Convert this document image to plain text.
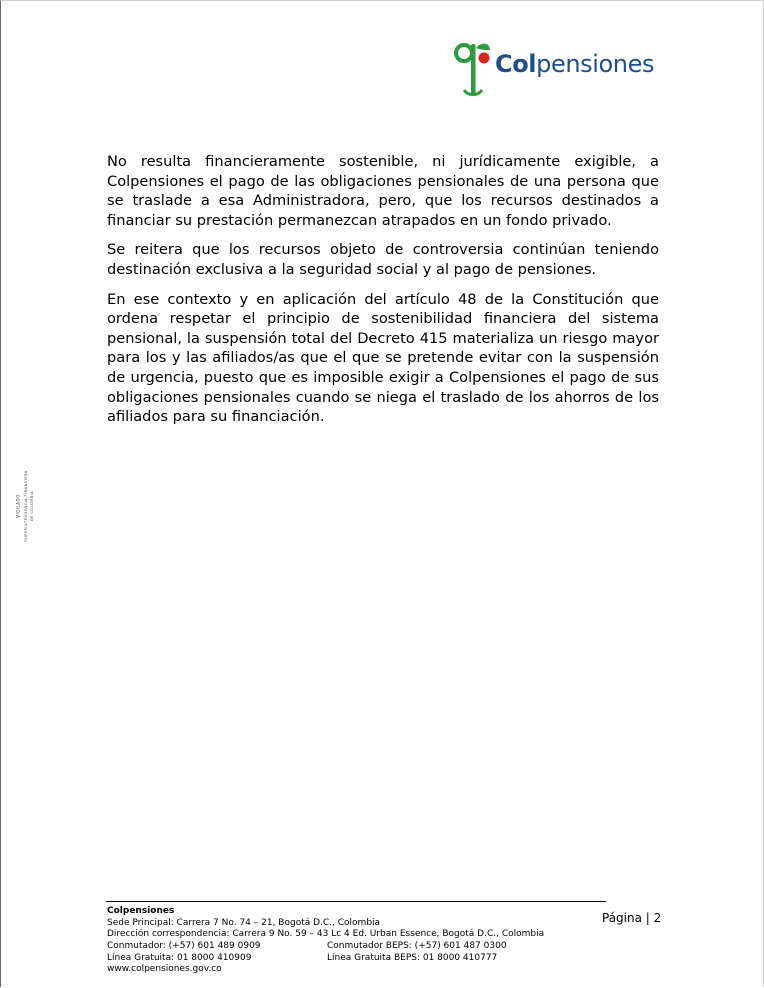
Colpensiones

No resulta financieramente sostenible, ni jurídicamente exigible, a Colpensiones el pago de las obligaciones pensionales de una persona que se traslade a esa Administradora, pero, que los recursos destinados a financiar su prestación permanezcan atrapados en un fondo privado.

Se reitera que los recursos objeto de controversia continúan teniendo destinación exclusiva a la seguridad social y al pago de pensiones.

En ese contexto y en aplicación del artículo 48 de la Constitución que ordena respetar el principio de sostenibilidad financiera del sistema pensional, la suspensión total del Decreto 415 materializa un riesgo mayor para los y las afiliados/as que el que se pretende evitar con la suspensión de urgencia, puesto que es imposible exigir a Colpensiones el pago de sus obligaciones pensionales cuando se niega el traslado de los ahorros de los afiliados para su financiación.

VIGILADO SUPERINTENDENCIA FINANCIERA DE COLOMBIA
Colpensiones
Sede Principal: Carrera 7 No. 74 – 21, Bogotá D.C., Colombia
Dirección correspondencia: Carrera 9 No. 59 – 43 Lc 4 Ed. Urban Essence, Bogotá D.C., Colombia
Conmutador: (+57) 601 489 0909	Conmutador BEPS: (+57) 601 487 0300
Línea Gratuita: 01 8000 410909	Línea Gratuita BEPS: 01 8000 410777
www.colpensiones.gov.co
Página | 2
